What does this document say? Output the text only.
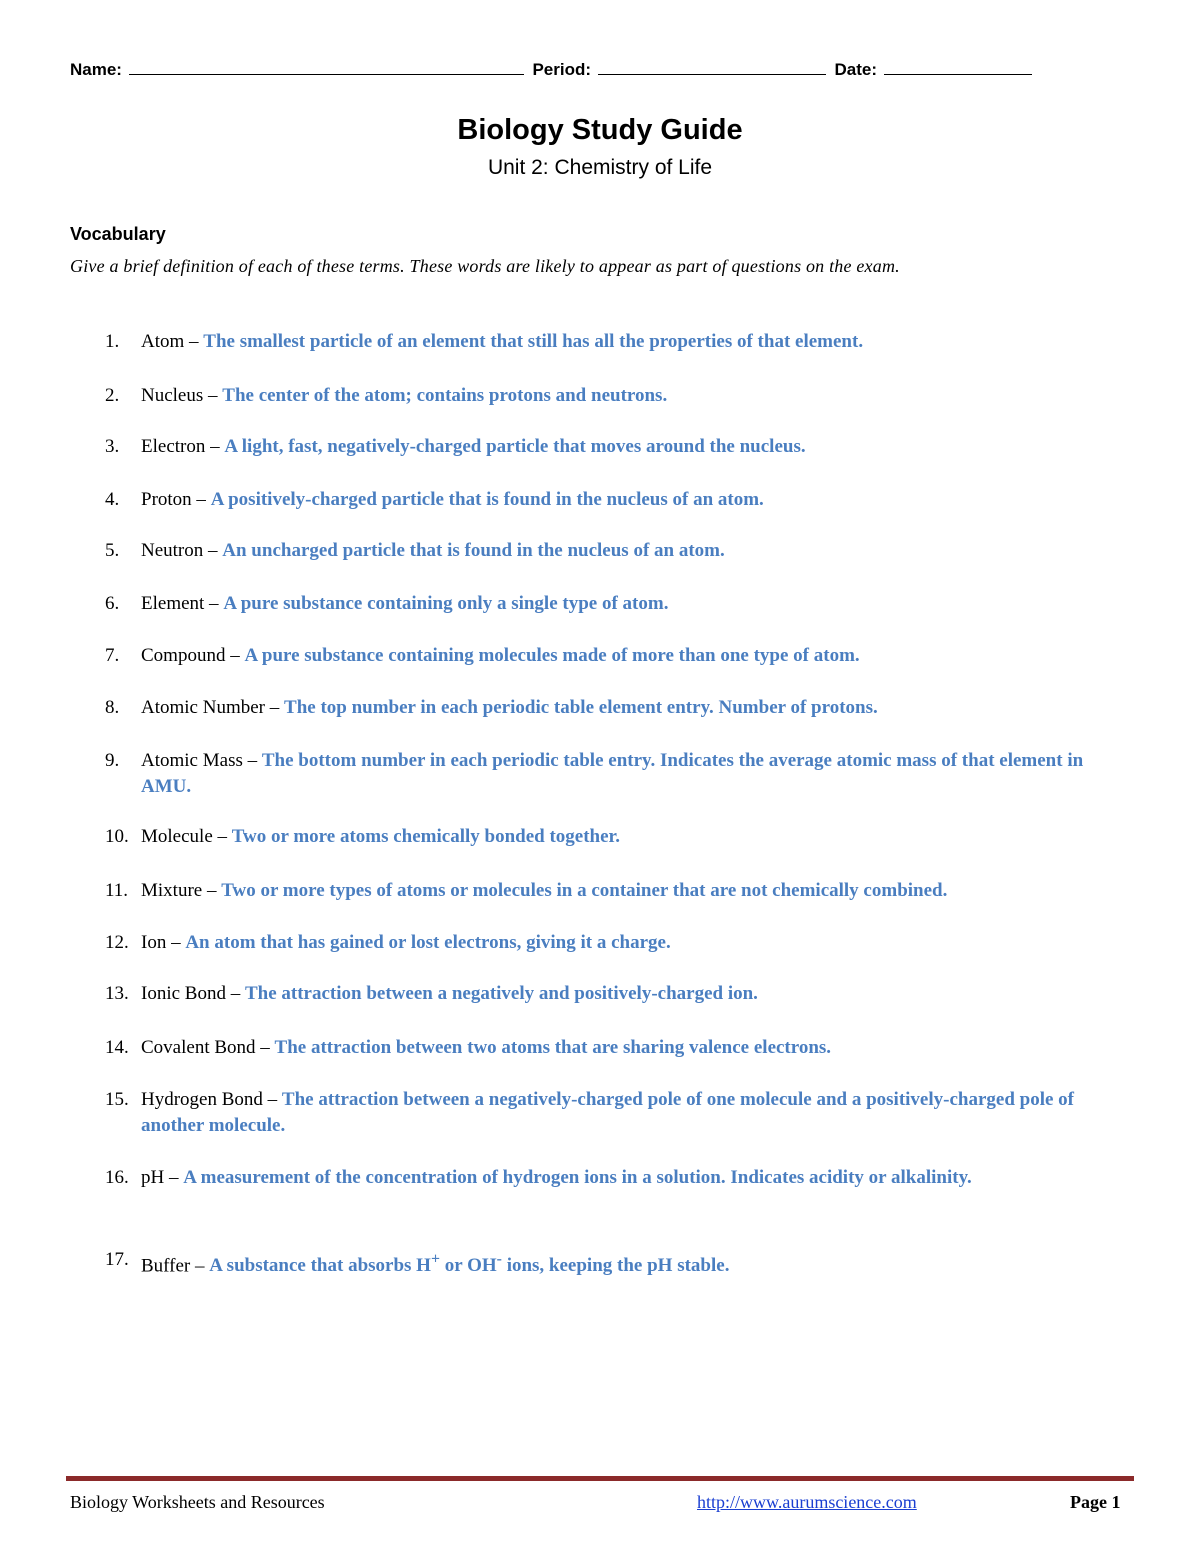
Name:	Period:	Date:
Biology Study Guide
Unit 2: Chemistry of Life
Vocabulary
Give a brief definition of each of these terms. These words are likely to appear as part of questions on the exam.
1. Atom – The smallest particle of an element that still has all the properties of that element.
2. Nucleus – The center of the atom; contains protons and neutrons.
3. Electron – A light, fast, negatively-charged particle that moves around the nucleus.
4. Proton – A positively-charged particle that is found in the nucleus of an atom.
5. Neutron – An uncharged particle that is found in the nucleus of an atom.
6. Element – A pure substance containing only a single type of atom.
7. Compound – A pure substance containing molecules made of more than one type of atom.
8. Atomic Number – The top number in each periodic table element entry. Number of protons.
9. Atomic Mass – The bottom number in each periodic table entry. Indicates the average atomic mass of that element in AMU.
10. Molecule – Two or more atoms chemically bonded together.
11. Mixture – Two or more types of atoms or molecules in a container that are not chemically combined.
12. Ion – An atom that has gained or lost electrons, giving it a charge.
13. Ionic Bond – The attraction between a negatively and positively-charged ion.
14. Covalent Bond – The attraction between two atoms that are sharing valence electrons.
15. Hydrogen Bond – The attraction between a negatively-charged pole of one molecule and a positively-charged pole of another molecule.
16. pH – A measurement of the concentration of hydrogen ions in a solution. Indicates acidity or alkalinity.
17. Buffer – A substance that absorbs H+ or OH- ions, keeping the pH stable.
Biology Worksheets and Resources	http://www.aurumscience.com	Page 1
